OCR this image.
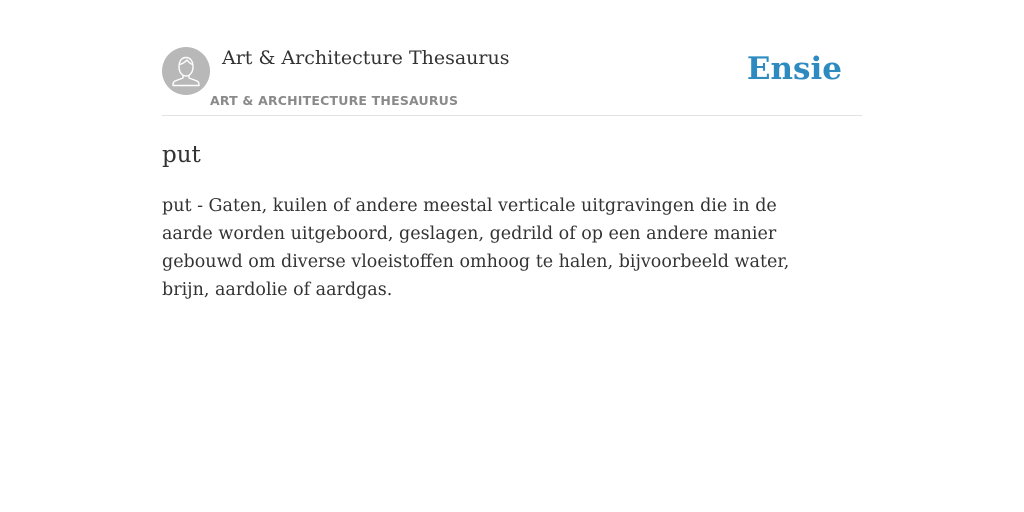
Art & Architecture Thesaurus
ART & ARCHITECTURE THESAURUS
Ensie
put

put - Gaten, kuilen of andere meestal verticale uitgravingen die in de aarde worden uitgeboord, geslagen, gedrild of op een andere manier gebouwd om diverse vloeistoffen omhoog te halen, bijvoorbeeld water, brijn, aardolie of aardgas.
